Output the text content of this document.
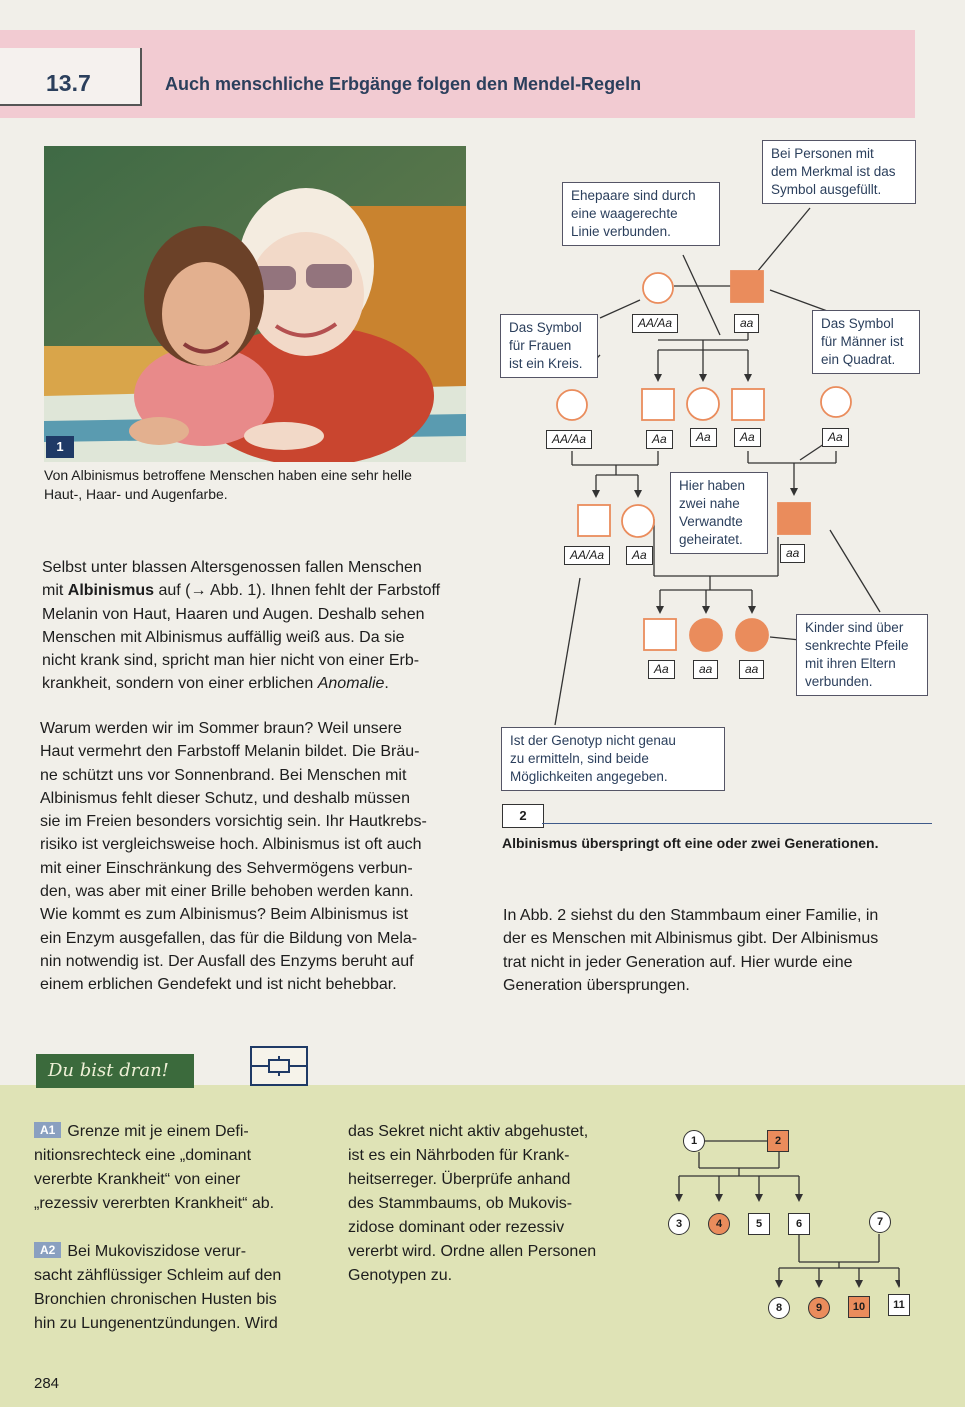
13.7	Auch menschliche Erbgänge folgen den Mendel-Regeln
1
Von Albinismus betroffene Menschen haben eine sehr helle
Haut-, Haar- und Augenfarbe.
Selbst unter blassen Altersgenossen fallen Menschen
mit Albinismus auf (→ Abb. 1). Ihnen fehlt der Farbstoff
Melanin von Haut, Haaren und Augen. Deshalb sehen
Menschen mit Albinismus auffällig weiß aus. Da sie
nicht krank sind, spricht man hier nicht von einer Erb-
krankheit, sondern von einer erblichen Anomalie.
Warum werden wir im Sommer braun? Weil unsere
Haut vermehrt den Farbstoff Melanin bildet. Die Bräu-
ne schützt uns vor Sonnenbrand. Bei Menschen mit
Albinismus fehlt dieser Schutz, und deshalb müssen
sie im Freien besonders vorsichtig sein. Ihr Hautkrebs-
risiko ist vergleichsweise hoch. Albinismus ist oft auch
mit einer Einschränkung des Sehvermögens verbun-
den, was aber mit einer Brille behoben werden kann.
Wie kommt es zum Albinismus? Beim Albinismus ist
ein Enzym ausgefallen, das für die Bildung von Mela-
nin notwendig ist. Der Ausfall des Enzyms beruht auf
einem erblichen Gendefekt und ist nicht behebbar.
Bei Personen mit
dem Merkmal ist das
Symbol ausgefüllt.
Ehepaare sind durch
eine waagerechte
Linie verbunden.
Das Symbol
für Frauen
ist ein Kreis.
Das Symbol
für Männer ist
ein Quadrat.
Hier haben
zwei nahe
Verwandte
geheiratet.
Kinder sind über
senkrechte Pfeile
mit ihren Eltern
verbunden.
Ist der Genotyp nicht genau
zu ermitteln, sind beide
Möglichkeiten angegeben.
AA/Aa	aa
AA/Aa	Aa	Aa	Aa	Aa
AA/Aa	Aa	aa
Aa	aa	aa
2
Albinismus überspringt oft eine oder zwei Generationen.
In Abb. 2 siehst du den Stammbaum einer Familie, in
der es Menschen mit Albinismus gibt. Der Albinismus
trat nicht in jeder Generation auf. Hier wurde eine
Generation übersprungen.
Du bist dran!
A1 Grenze mit je einem Defi-
nitionsrechteck eine „dominant
vererbte Krankheit“ von einer
„rezessiv vererbten Krankheit“ ab.
A2 Bei Mukoviszidose verur-
sacht zähflüssiger Schleim auf den
Bronchien chronischen Husten bis
hin zu Lungenentzündungen. Wird
das Sekret nicht aktiv abgehustet,
ist es ein Nährboden für Krank-
heitserreger. Überprüfe anhand
des Stammbaums, ob Mukovis-
zidose dominant oder rezessiv
vererbt wird. Ordne allen Personen
Genotypen zu.
1	2
3	4	5	6	7
8	9	10	11
284
